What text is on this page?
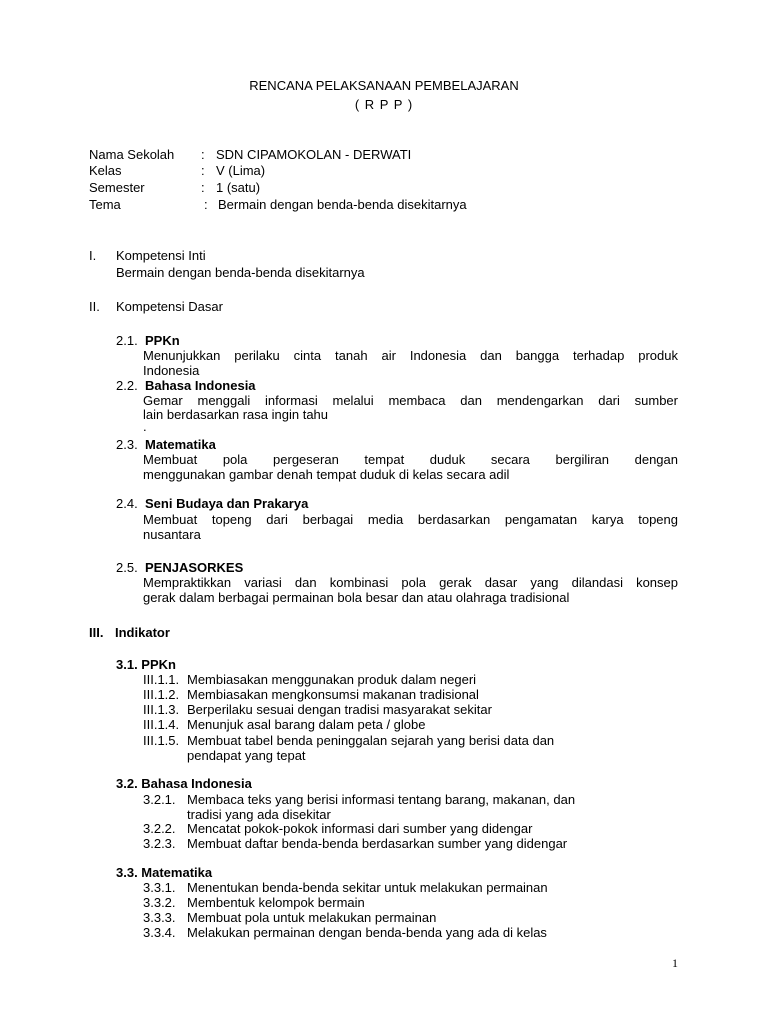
RENCANA PELAKSANAAN PEMBELAJARAN
( R P P )
Nama Sekolah : SDN CIPAMOKOLAN - DERWATI
Kelas	: V (Lima)
Semester	: 1 (satu)
Tema	: Bermain dengan benda-benda disekitarnya
I. Kompetensi Inti
Bermain dengan benda-benda disekitarnya
II. Kompetensi Dasar
2.1. PPKn
Menunjukkan perilaku cinta tanah air Indonesia dan bangga terhadap produk
Indonesia
2.2. Bahasa Indonesia
Gemar menggali informasi melalui membaca dan mendengarkan dari sumber
lain berdasarkan rasa ingin tahu
.
2.3. Matematika
Membuat pola pergeseran tempat duduk secara bergiliran dengan
menggunakan gambar denah tempat duduk di kelas secara adil
2.4. Seni Budaya dan Prakarya
Membuat topeng dari berbagai media berdasarkan pengamatan karya topeng
nusantara
2.5. PENJASORKES
Mempraktikkan variasi dan kombinasi pola gerak dasar yang dilandasi konsep
gerak dalam berbagai permainan bola besar dan atau olahraga tradisional
III. Indikator
3.1. PPKn
III.1.1. Membiasakan menggunakan produk dalam negeri
III.1.2. Membiasakan mengkonsumsi makanan tradisional
III.1.3. Berperilaku sesuai dengan tradisi masyarakat sekitar
III.1.4. Menunjuk asal barang dalam peta / globe
III.1.5. Membuat tabel benda peninggalan sejarah yang berisi data dan
pendapat yang tepat
3.2. Bahasa Indonesia
3.2.1. Membaca teks yang berisi informasi tentang barang, makanan, dan
tradisi yang ada disekitar
3.2.2. Mencatat pokok-pokok informasi dari sumber yang didengar
3.2.3. Membuat daftar benda-benda berdasarkan sumber yang didengar
3.3. Matematika
3.3.1. Menentukan benda-benda sekitar untuk melakukan permainan
3.3.2. Membentuk kelompok bermain
3.3.3. Membuat pola untuk melakukan permainan
3.3.4. Melakukan permainan dengan benda-benda yang ada di kelas
1
